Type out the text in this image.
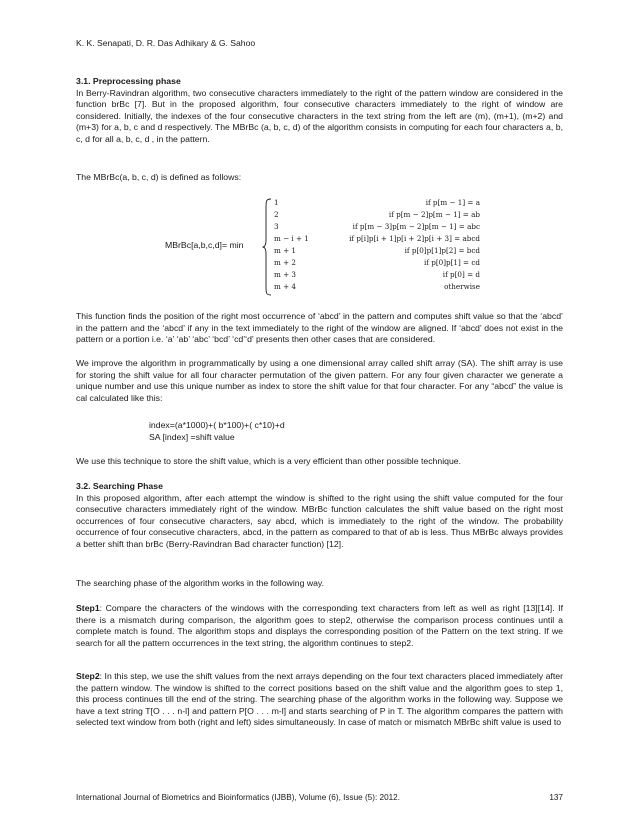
K. K. Senapati, D. R. Das Adhikary & G. Sahoo

3.1. Preprocessing phase

In Berry-Ravindran algorithm, two consecutive characters immediately to the right of the pattern window are considered in the function brBc [7]. But in the proposed algorithm, four consecutive characters immediately to the right of window are considered. Initially, the indexes of the four consecutive characters in the text string from the left are (m), (m+1), (m+2) and (m+3) for a, b, c and d respectively. The MBrBc (a, b, c, d) of the algorithm consists in computing for each four characters a, b, c, d for all a, b, c, d , in the pattern.

The MBrBc(a, b, c, d) is defined as follows:
MBrBc[a,b,c,d]= min
1	if p[m − 1] = a
2	if p[m − 2]p[m − 1] = ab
3	if p[m − 3]p[m − 2]p[m − 1] = abc
m − i + 1	if p[i]p[i + 1]p[i + 2]p[i + 3] = abcd
m + 1	if p[0]p[1]p[2] = bcd
m + 2	if p[0]p[1] = cd
m + 3	if p[0] = d
m + 4	otherwise
This function finds the position of the right most occurrence of ‘abcd’ in the pattern and computes shift value so that the ‘abcd’ in the pattern and the ‘abcd’ if any in the text immediately to the right of the window are aligned. If ‘abcd’ does not exist in the pattern or a portion i.e. ‘a’ ‘ab’ ‘abc’ ‘bcd’ ‘cd’‘d’ presents then other cases that are considered.
We improve the algorithm in programmatically by using a one dimensional array called shift array (SA). The shift array is use for storing the shift value for all four character permutation of the given pattern. For any four given character we generate a unique number and use this unique number as index to store the shift value for that four character. For any “abcd” the value is cal calculated like this:
index=(a*1000)+( b*100)+( c*10)+d
SA [index] =shift value
We use this technique to store the shift value, which is a very efficient than other possible technique.

3.2. Searching Phase

In this proposed algorithm, after each attempt the window is shifted to the right using the shift value computed for the four consecutive characters immediately right of the window. MBrBc function calculates the shift value based on the right most occurrences of four consecutive characters, say abcd, which is immediately to the right of the window. The probability occurrence of four consecutive characters, abcd, in the pattern as compared to that of ab is less. Thus MBrBc always provides a better shift than brBc (Berry-Ravindran Bad character function) [12].

The searching phase of the algorithm works in the following way.
Step1: Compare the characters of the windows with the corresponding text characters from left as well as right [13][14]. If there is a mismatch during comparison, the algorithm goes to step2, otherwise the comparison process continues until a complete match is found. The algorithm stops and displays the corresponding position of the Pattern on the text string. If we search for all the pattern occurrences in the text string, the algorithm continues to step2.
Step2: In this step, we use the shift values from the next arrays depending on the four text characters placed immediately after the pattern window. The window is shifted to the correct positions based on the shift value and the algorithm goes to step 1, this process continues till the end of the string. The searching phase of the algorithm works in the following way. Suppose we have a text string T[O . . . n-l] and pattern P[O . . . m-l] and starts searching of P in T. The algorithm compares the pattern with selected text window from both (right and left) sides simultaneously. In case of match or mismatch MBrBc shift value is used to
International Journal of Biometrics and Bioinformatics (IJBB), Volume (6), Issue (5): 2012.	137
